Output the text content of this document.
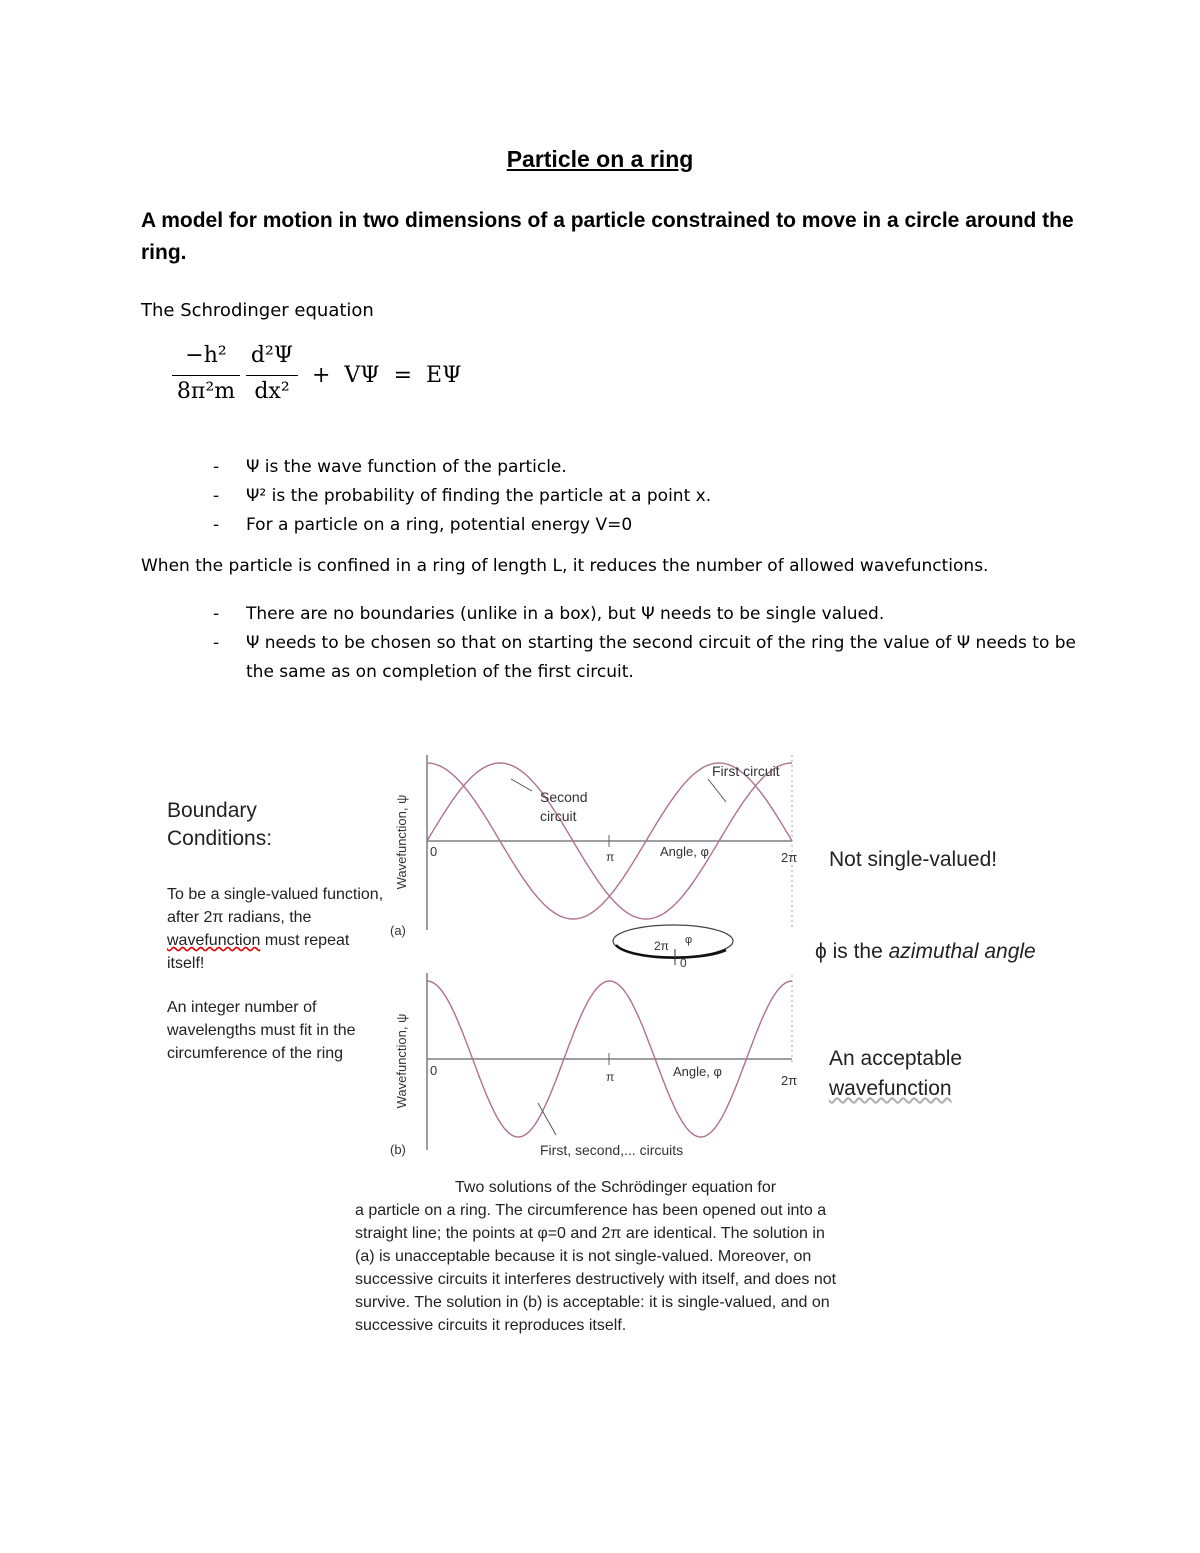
Particle on a ring
A model for motion in two dimensions of a particle constrained to move in a circle around the ring.
The Schrodinger equation
−h²
8π²m
d²Ψ
dx²
+  VΨ  =  EΨ
- Ψ is the wave function of the particle.
- Ψ² is the probability of finding the particle at a point x.
- For a particle on a ring, potential energy V=0
When the particle is confined in a ring of length L, it reduces the number of allowed wavefunctions.
- There are no boundaries (unlike in a box), but Ψ needs to be single valued.
- Ψ needs to be chosen so that on starting the second circuit of the ring the value of Ψ needs to be the same as on completion of the first circuit.
Boundary Conditions:
To be a single-valued function, after 2π radians, the wavefunction must repeat itself!
An integer number of wavelengths must fit in the circumference of the ring
Wavefunction, ψ 0	π	2π
Angle, φ
(a)
Second
circuit
First circuit
2π φ
0
Wavefunction, ψ 0	π	2π
Angle, φ
(b)	First, second,... circuits
Not single-valued!
ϕ is the azimuthal angle
An acceptable
wavefunction
Two solutions of the Schrödinger equation for
a particle on a ring. The circumference has been opened out into a straight line; the points at φ=0 and 2π are identical. The solution in (a) is unacceptable because it is not single-valued. Moreover, on successive circuits it interferes destructively with itself, and does not survive. The solution in (b) is acceptable: it is single-valued, and on successive circuits it reproduces itself.
